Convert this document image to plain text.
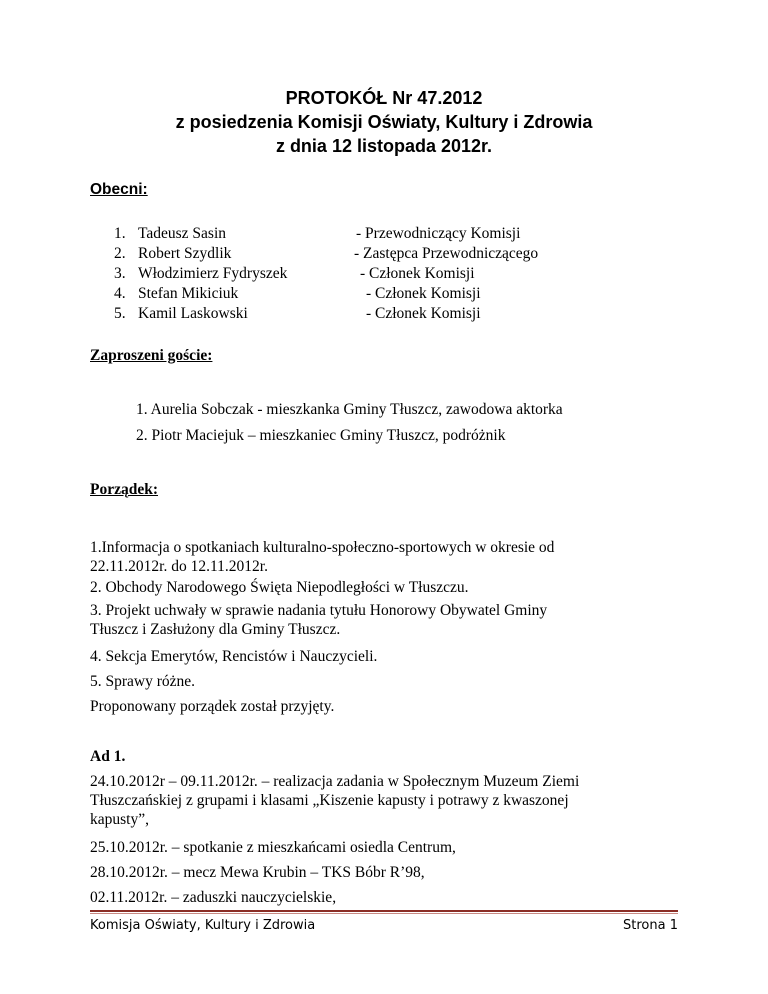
PROTOKÓŁ Nr 47.2012
z posiedzenia Komisji Oświaty, Kultury i Zdrowia
z dnia 12 listopada 2012r.
Obecni:
1. Tadeusz Sasin	- Przewodniczący Komisji
2. Robert Szydlik	- Zastępca Przewodniczącego
3. Włodzimierz Fydryszek	- Członek Komisji
4. Stefan Mikiciuk	- Członek Komisji
5. Kamil Laskowski	- Członek Komisji
Zaproszeni goście:
1. Aurelia Sobczak - mieszkanka Gminy Tłuszcz, zawodowa aktorka
2. Piotr Maciejuk – mieszkaniec Gminy Tłuszcz, podróżnik
Porządek:
1.Informacja o spotkaniach kulturalno-społeczno-sportowych w okresie od
22.11.2012r. do 12.11.2012r.
2. Obchody Narodowego Święta Niepodległości w Tłuszczu.
3. Projekt uchwały w sprawie nadania tytułu Honorowy Obywatel Gminy
Tłuszcz i Zasłużony dla Gminy Tłuszcz.
4. Sekcja Emerytów, Rencistów i Nauczycieli.
5. Sprawy różne.
Proponowany porządek został przyjęty.
Ad 1.
24.10.2012r – 09.11.2012r. – realizacja zadania w Społecznym Muzeum Ziemi
Tłuszczańskiej z grupami i klasami „Kiszenie kapusty i potrawy z kwaszonej
kapusty”,
25.10.2012r. – spotkanie z mieszkańcami osiedla Centrum,
28.10.2012r. – mecz Mewa Krubin – TKS Bóbr R’98,
02.11.2012r. – zaduszki nauczycielskie,
Komisja Oświaty, Kultury i Zdrowia	Strona 1
